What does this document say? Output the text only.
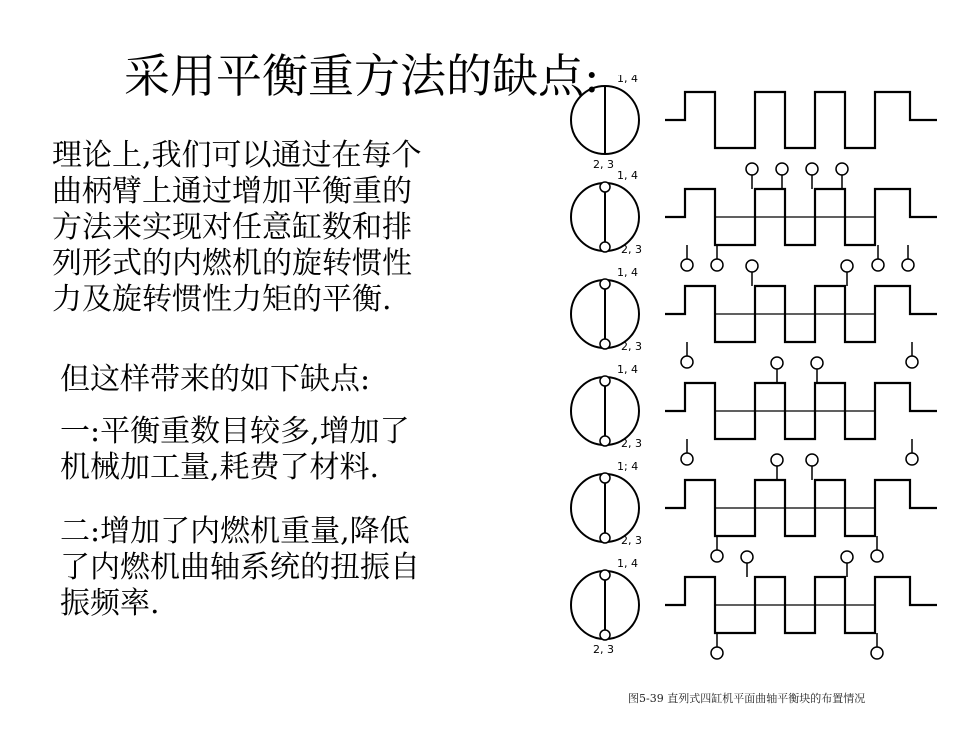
采用平衡重方法的缺点:
理论上,我们可以通过在每个
曲柄臂上通过增加平衡重的
方法来实现对任意缸数和排
列形式的内燃机的旋转惯性
力及旋转惯性力矩的平衡.
但这样带来的如下缺点:
一:平衡重数目较多,增加了
机械加工量,耗费了材料.
二:增加了内燃机重量,降低
了内燃机曲轴系统的扭振自
振频率.
1, 4
2, 3
1, 4
2, 3
1, 4
2, 3
1, 4
2, 3
1; 4
2, 3
1, 4
2, 3
图5-39 直列式四缸机平面曲轴平衡块的布置情况
